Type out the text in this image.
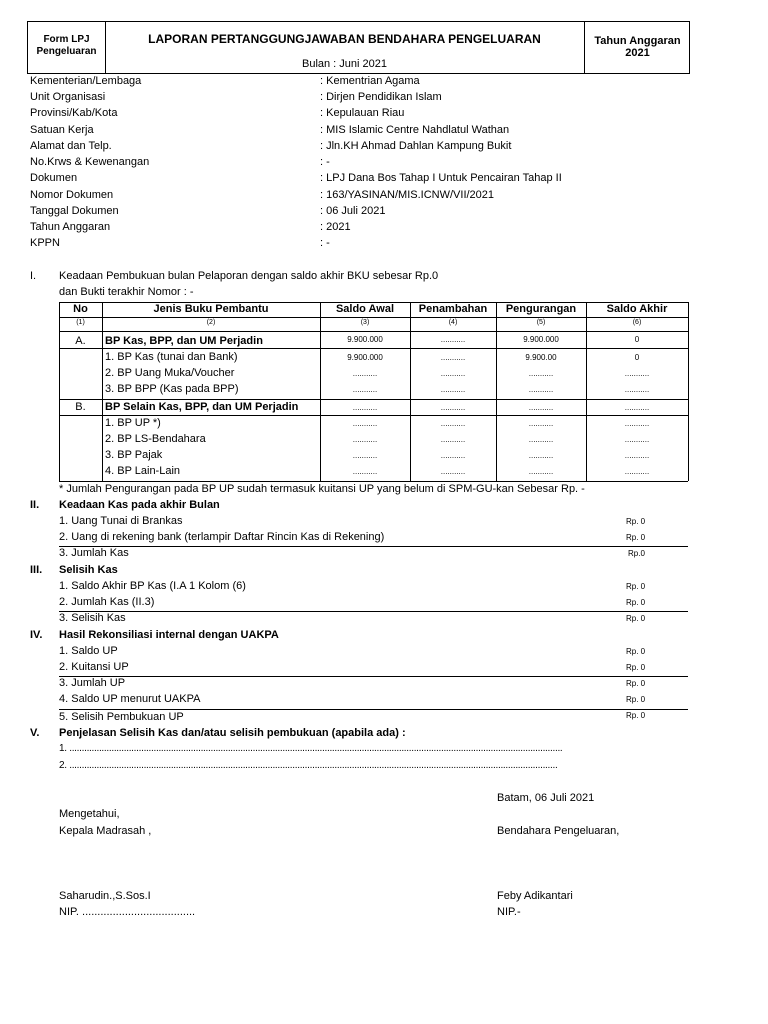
Form LPJ
Pengeluaran
LAPORAN PERTANGGUNGJAWABAN BENDAHARA PENGELUARAN
Bulan : Juni 2021
Tahun Anggaran
2021
Kementerian/Lembaga	: Kementrian Agama
Unit Organisasi	: Dirjen Pendidikan Islam
Provinsi/Kab/Kota	: Kepulauan Riau
Satuan Kerja	: MIS Islamic Centre Nahdlatul Wathan
Alamat dan Telp.	: Jln.KH Ahmad Dahlan Kampung Bukit
No.Krws & Kewenangan	: -
Dokumen	: LPJ Dana Bos Tahap I Untuk Pencairan Tahap II
Nomor Dokumen	: 163/YASINAN/MIS.ICNW/VII/2021
Tanggal Dokumen	: 06 Juli 2021
Tahun Anggaran	: 2021
KPPN	: -
I. Keadaan Pembukuan bulan Pelaporan dengan saldo akhir BKU sebesar Rp.0
dan Bukti terakhir Nomor : -
No	Jenis Buku Pembantu	Saldo Awal	Penambahan	Pengurangan	Saldo Akhir
(1)	(2)	(3)	(4)	(5)	(6)
A.	BP Kas, BPP, dan UM Perjadin	9.900.000	...........	9.900.000	0
1. BP Kas (tunai dan Bank)	9.900.000	...........	9.900.00	0
2. BP Uang Muka/Voucher	...........	...........	...........	...........
3. BP BPP (Kas pada BPP)	...........	...........	...........	...........
B.	BP Selain Kas, BPP, dan UM Perjadin	...........	...........	...........	...........
1. BP UP *)	...........	...........	...........	...........
2. BP LS-Bendahara	...........	...........	...........	...........
3. BP Pajak	...........	...........	...........	...........
4. BP Lain-Lain	...........	...........	...........	...........
* Jumlah Pengurangan pada BP UP sudah termasuk kuitansi UP yang belum di SPM-GU-kan Sebesar Rp. -
II. Keadaan Kas pada akhir Bulan
1. Uang Tunai di Brankas	Rp. 0
2. Uang di rekening bank (terlampir Daftar Rincin Kas di Rekening)	Rp. 0
3. Jumlah Kas	Rp.0
III. Selisih Kas
1. Saldo Akhir BP Kas (I.A 1 Kolom (6)	Rp. 0
2. Jumlah Kas (II.3)	Rp. 0
3. Selisih Kas	Rp. 0
IV. Hasil Rekonsiliasi internal dengan UAKPA
1. Saldo UP	Rp. 0
2. Kuitansi UP	Rp. 0
3. Jumlah UP	Rp. 0
4. Saldo UP menurut UAKPA	Rp. 0
5. Selisih Pembukuan UP	Rp. 0
V. Penjelasan Selisih Kas dan/atau selisih pembukuan (apabila ada) :
1. .......................................................................................................................................................................................................
2. .....................................................................................................................................................................................................
Batam, 06 Juli 2021
Mengetahui,
Kepala Madrasah ,	Bendahara Pengeluaran,
Saharudin.,S.Sos.I
NIP. .....................................
Feby Adikantari
NIP.-
